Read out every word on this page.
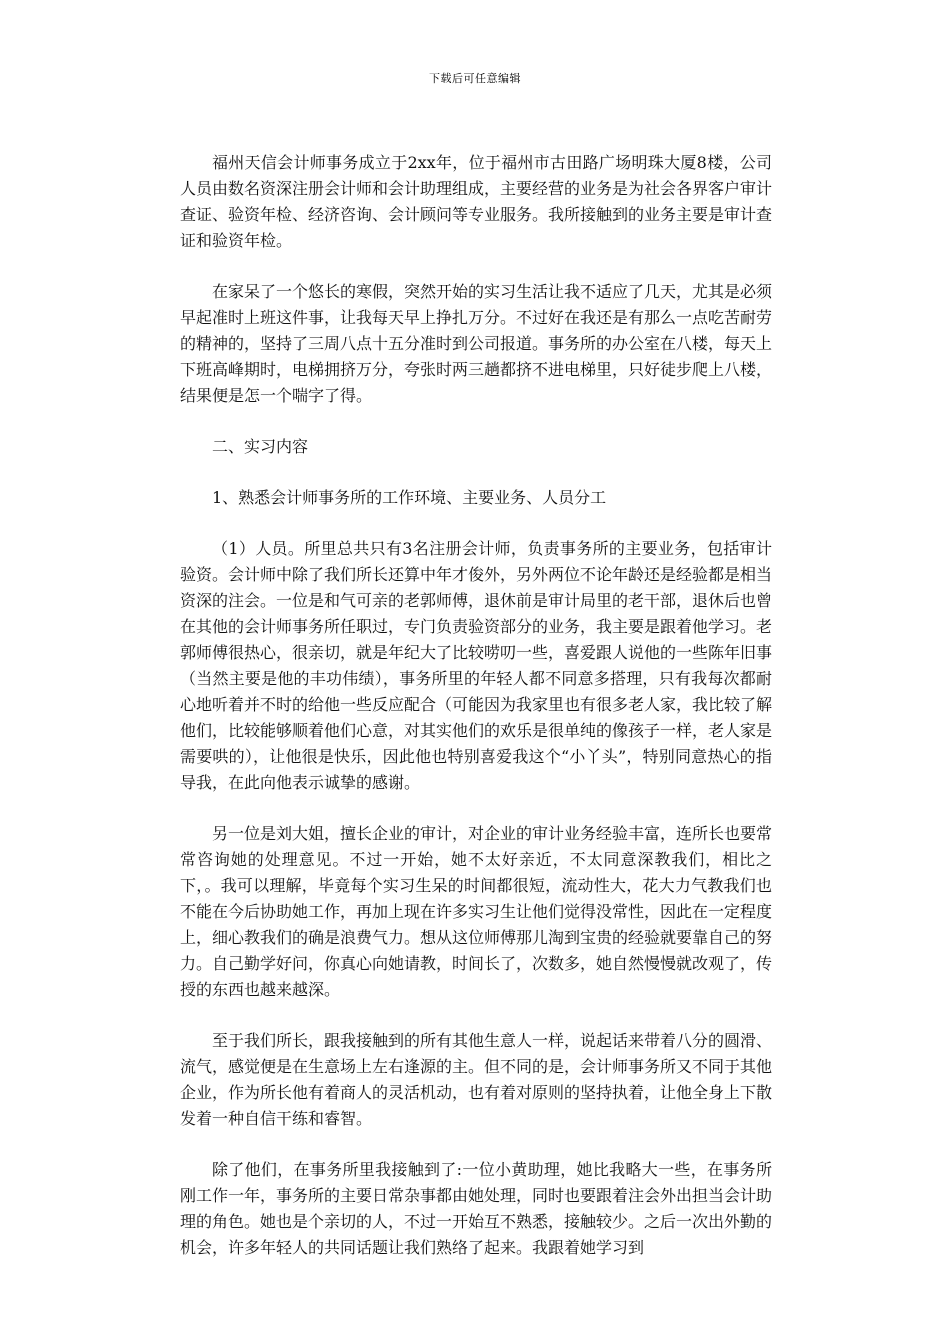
下载后可任意编辑

福州天信会计师事务成立于2xx年，位于福州市古田路广场明珠大厦8楼，公司人员由数名资深注册会计师和会计助理组成，主要经营的业务是为社会各界客户审计查证、验资年检、经济咨询、会计顾问等专业服务。我所接触到的业务主要是审计查证和验资年检。

在家呆了一个悠长的寒假，突然开始的实习生活让我不适应了几天，尤其是必须早起准时上班这件事，让我每天早上挣扎万分。不过好在我还是有那么一点吃苦耐劳的精神的，坚持了三周八点十五分准时到公司报道。事务所的办公室在八楼，每天上下班高峰期时，电梯拥挤万分，夸张时两三趟都挤不进电梯里，只好徒步爬上八楼，结果便是怎一个喘字了得。

二、实习内容

1、熟悉会计师事务所的工作环境、主要业务、人员分工

（1）人员。所里总共只有3名注册会计师，负责事务所的主要业务，包括审计验资。会计师中除了我们所长还算中年才俊外，另外两位不论年龄还是经验都是相当资深的注会。一位是和气可亲的老郭师傅，退休前是审计局里的老干部，退休后也曾在其他的会计师事务所任职过，专门负责验资部分的业务，我主要是跟着他学习。老郭师傅很热心，很亲切，就是年纪大了比较唠叨一些，喜爱跟人说他的一些陈年旧事（当然主要是他的丰功伟绩），事务所里的年轻人都不同意多搭理，只有我每次都耐心地听着并不时的给他一些反应配合（可能因为我家里也有很多老人家，我比较了解他们，比较能够顺着他们心意，对其实他们的欢乐是很单纯的像孩子一样，老人家是需要哄的），让他很是快乐，因此他也特别喜爱我这个“小丫头”，特别同意热心的指导我，在此向他表示诚挚的感谢。

另一位是刘大姐，擅长企业的审计，对企业的审计业务经验丰富，连所长也要常常咨询她的处理意见。不过一开始，她不太好亲近，不太同意深教我们，相比之下，。我可以理解，毕竟每个实习生呆的时间都很短，流动性大，花大力气教我们也不能在今后协助她工作，再加上现在许多实习生让他们觉得没常性，因此在一定程度上，细心教我们的确是浪费气力。想从这位师傅那儿淘到宝贵的经验就要靠自己的努力。自己勤学好问，你真心向她请教，时间长了，次数多，她自然慢慢就改观了，传授的东西也越来越深。

至于我们所长，跟我接触到的所有其他生意人一样，说起话来带着八分的圆滑、流气，感觉便是在生意场上左右逢源的主。但不同的是，会计师事务所又不同于其他企业，作为所长他有着商人的灵活机动，也有着对原则的坚持执着，让他全身上下散发着一种自信干练和睿智。

除了他们，在事务所里我接触到了:一位小黄助理，她比我略大一些，在事务所刚工作一年，事务所的主要日常杂事都由她处理，同时也要跟着注会外出担当会计助理的角色。她也是个亲切的人，不过一开始互不熟悉，接触较少。之后一次出外勤的机会，许多年轻人的共同话题让我们熟络了起来。我跟着她学习到
